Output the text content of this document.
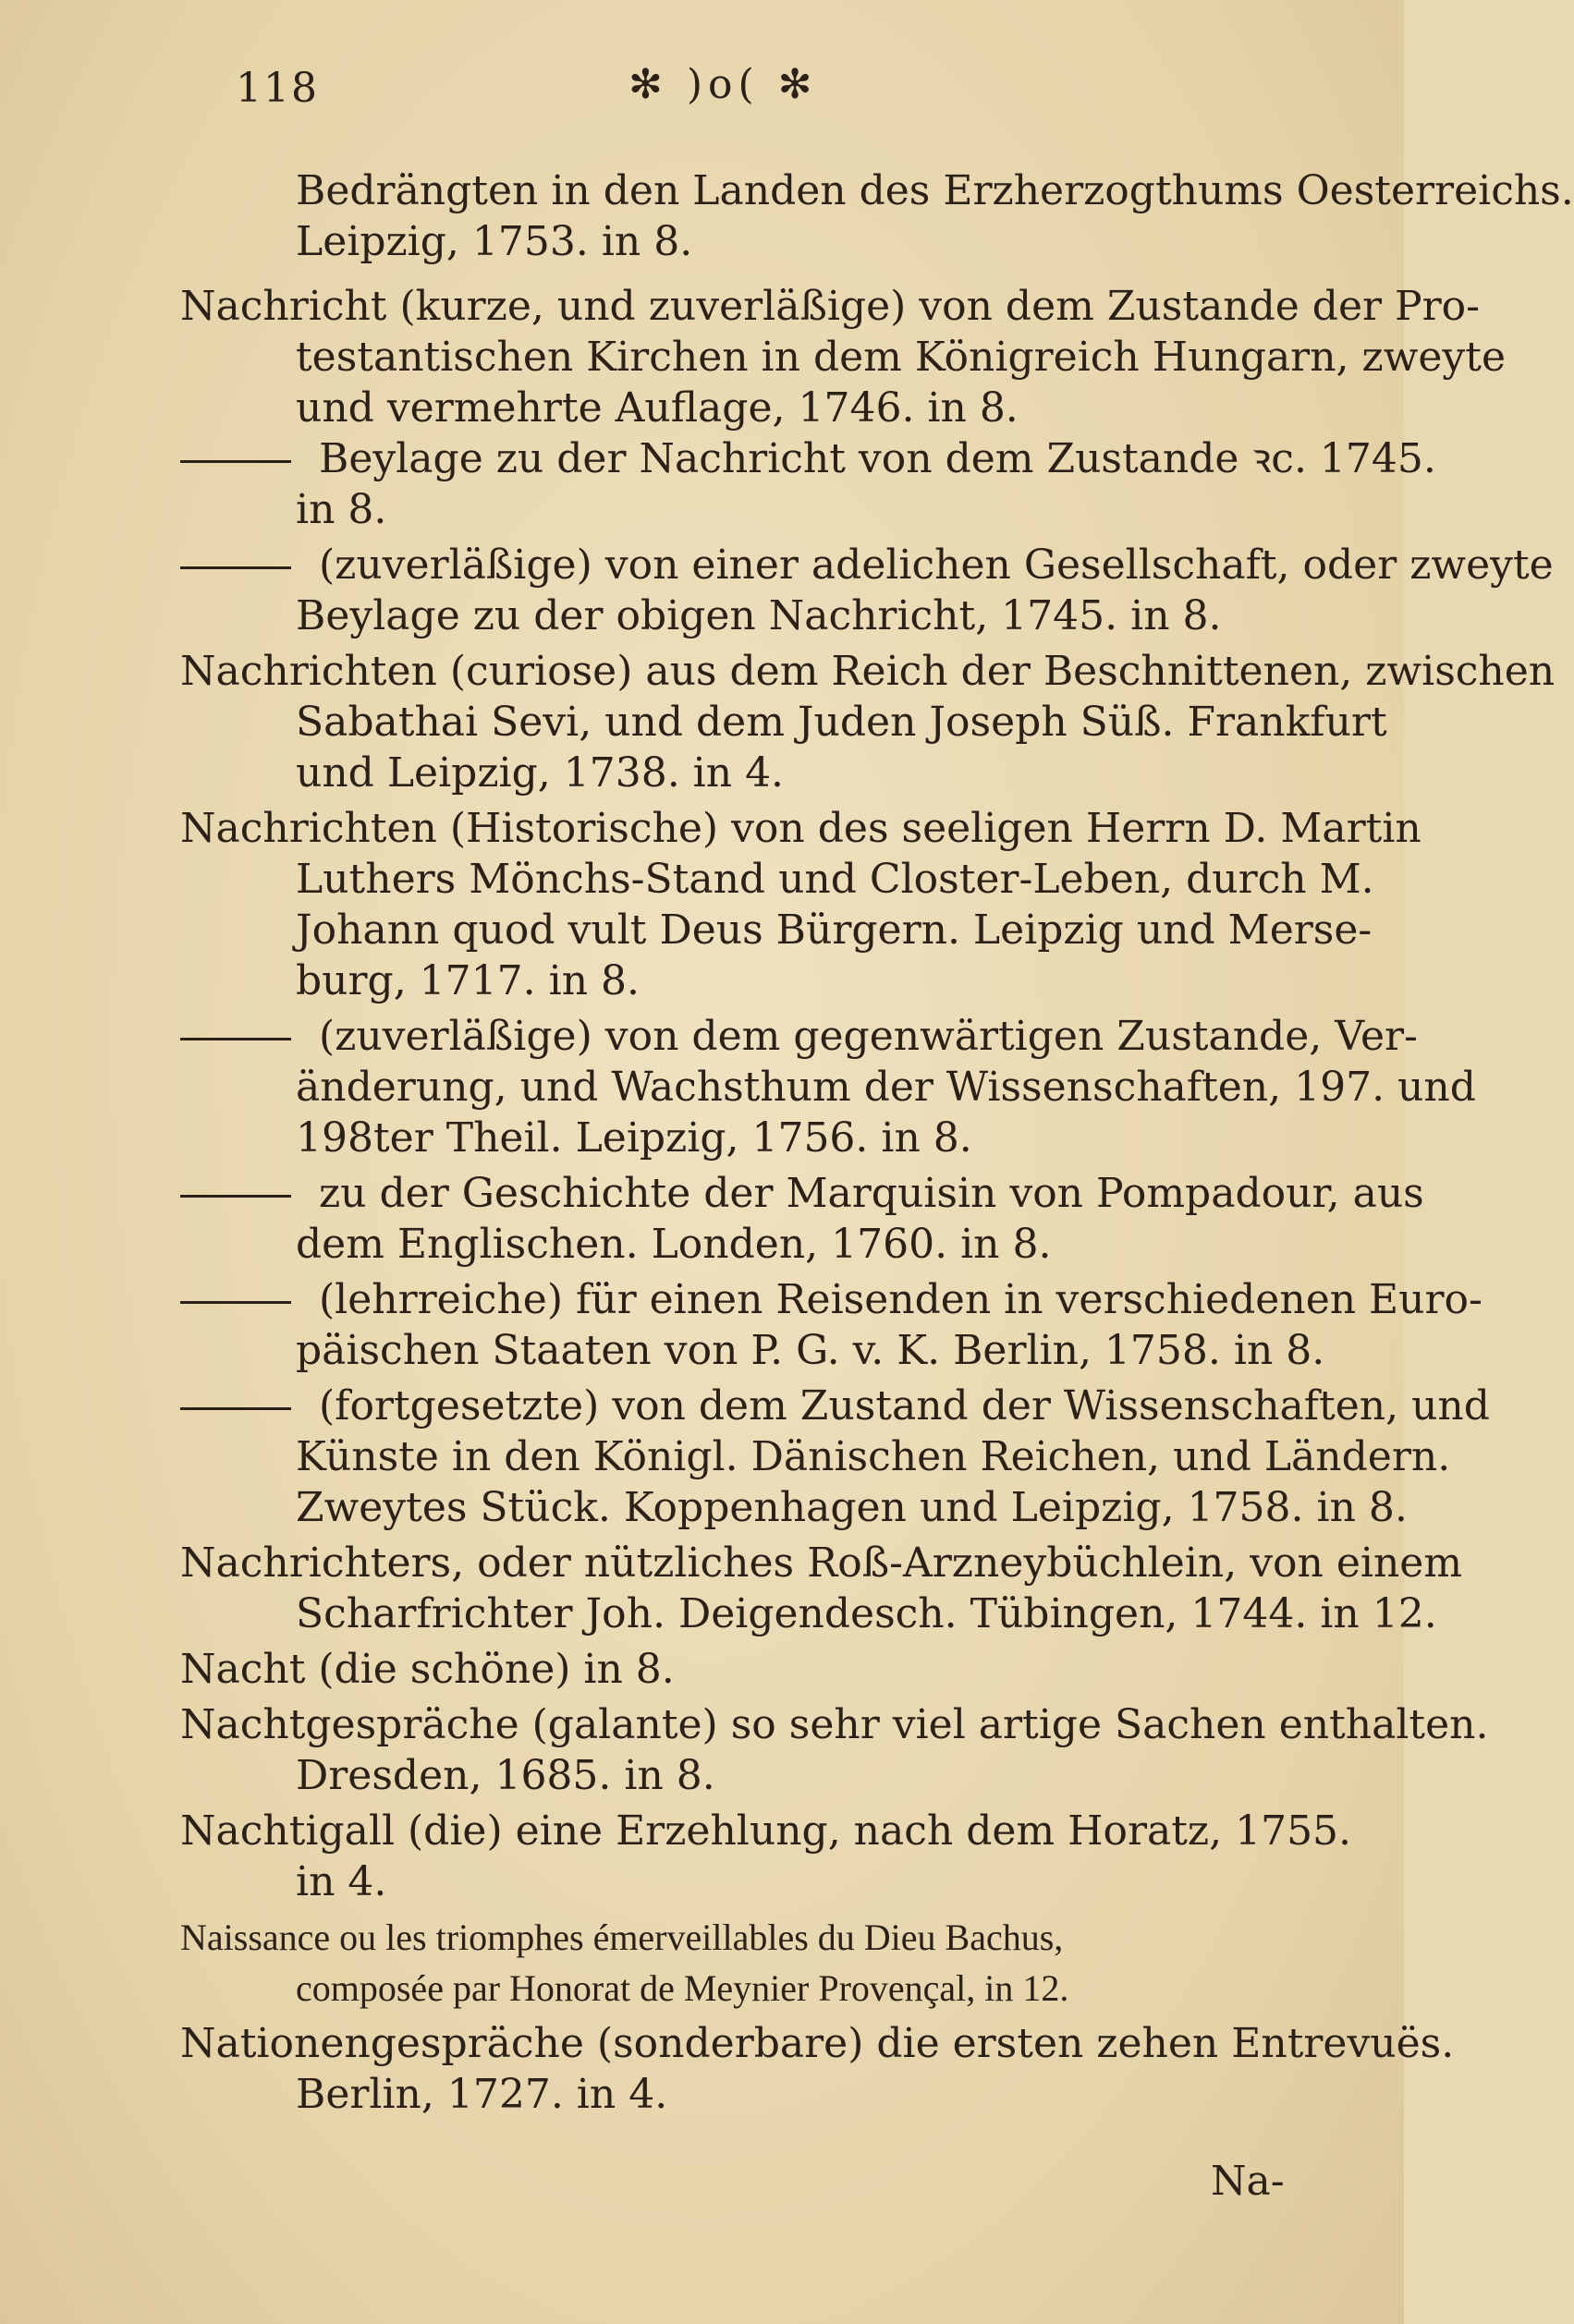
118	✻ )o( ✻
Bedrängten in den Landen des Erzherzogthums Oesterreichs.
Leipzig, 1753. in 8.
Nachricht (kurze, und zuverläßige) von dem Zustande der Pro-
testantischen Kirchen in dem Königreich Hungarn, zweyte
und vermehrte Auflage, 1746. in 8.
Beylage zu der Nachricht von dem Zustande ꝛc. 1745.
in 8.
(zuverläßige) von einer adelichen Gesellschaft, oder zweyte
Beylage zu der obigen Nachricht, 1745. in 8.
Nachrichten (curiose) aus dem Reich der Beschnittenen, zwischen
Sabathai Sevi, und dem Juden Joseph Süß. Frankfurt
und Leipzig, 1738. in 4.
Nachrichten (Historische) von des seeligen Herrn D. Martin
Luthers Mönchs-Stand und Closter-Leben, durch M.
Johann quod vult Deus Bürgern. Leipzig und Merse-
burg, 1717. in 8.
(zuverläßige) von dem gegenwärtigen Zustande, Ver-
änderung, und Wachsthum der Wissenschaften, 197. und
198ter Theil. Leipzig, 1756. in 8.
zu der Geschichte der Marquisin von Pompadour, aus
dem Englischen. Londen, 1760. in 8.
(lehrreiche) für einen Reisenden in verschiedenen Euro-
päischen Staaten von P. G. v. K. Berlin, 1758. in 8.
(fortgesetzte) von dem Zustand der Wissenschaften, und
Künste in den Königl. Dänischen Reichen, und Ländern.
Zweytes Stück. Koppenhagen und Leipzig, 1758. in 8.
Nachrichters, oder nützliches Roß-Arzneybüchlein, von einem
Scharfrichter Joh. Deigendesch. Tübingen, 1744. in 12.
Nacht (die schöne) in 8.
Nachtgespräche (galante) so sehr viel artige Sachen enthalten.
Dresden, 1685. in 8.
Nachtigall (die) eine Erzehlung, nach dem Horatz, 1755.
in 4.
Naissance ou les triomphes émerveillables du Dieu Bachus,
composée par Honorat de Meynier Provençal, in 12.
Nationengespräche (sonderbare) die ersten zehen Entrevuës.
Berlin, 1727. in 4.
Na-
